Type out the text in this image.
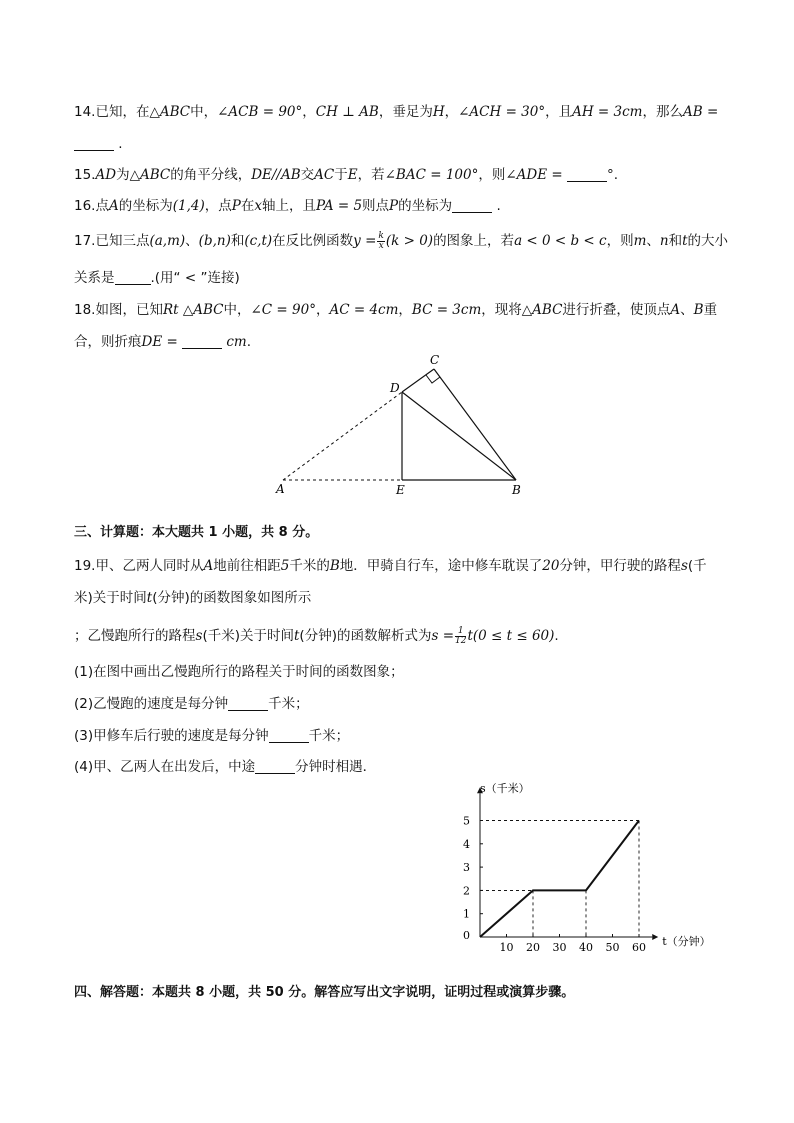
14.已知，在△ABC中，∠ACB = 90°，CH ⊥ AB，垂足为H，∠ACH = 30°，且AH = 3cm，那么AB =
.
15.AD为△ABC的角平分线，DE//AB交AC于E，若∠BAC = 100°，则∠ADE =	°.
16.点A的坐标为(1,4)，点P在x轴上，且PA = 5则点P的坐标为	.
17.已知三点(a,m)、(b,n)和(c,t)在反比例函数$y = \frac{k}{x} (k > 0)$的图象上，若a < 0 < b < c，则m、n和t的大小
关系是	.(用“ < ”连接)
18.如图，已知Rt △ABC中，∠C = 90°，AC = 4cm，BC = 3cm，现将△ABC进行折叠，使顶点A、B重
合，则折痕DE =	cm.
A	B
C
D
E
三、计算题：本大题共 1 小题，共 8 分。
19.甲、乙两人同时从A地前往相距5千米的B地．甲骑自行车，途中修车耽误了20分钟，甲行驶的路程s(千
米)关于时间t(分钟)的函数图象如图所示
；乙慢跑所行的路程s(千米)关于时间t(分钟)的函数解析式为$s = \frac{1}{12} t(0 \le t \le 60)$.
(1)在图中画出乙慢跑所行的路程关于时间的函数图象；
(2)乙慢跑的速度是每分钟	千米；
(3)甲修车后行驶的速度是每分钟	千米；
(4)甲、乙两人在出发后，中途	分钟时相遇．
10 20 30 40 50 60
1
2
3
4
5
0	t（分钟）
s（千米）
四、解答题：本题共 8 小题，共 50 分。解答应写出文字说明，证明过程或演算步骤。
